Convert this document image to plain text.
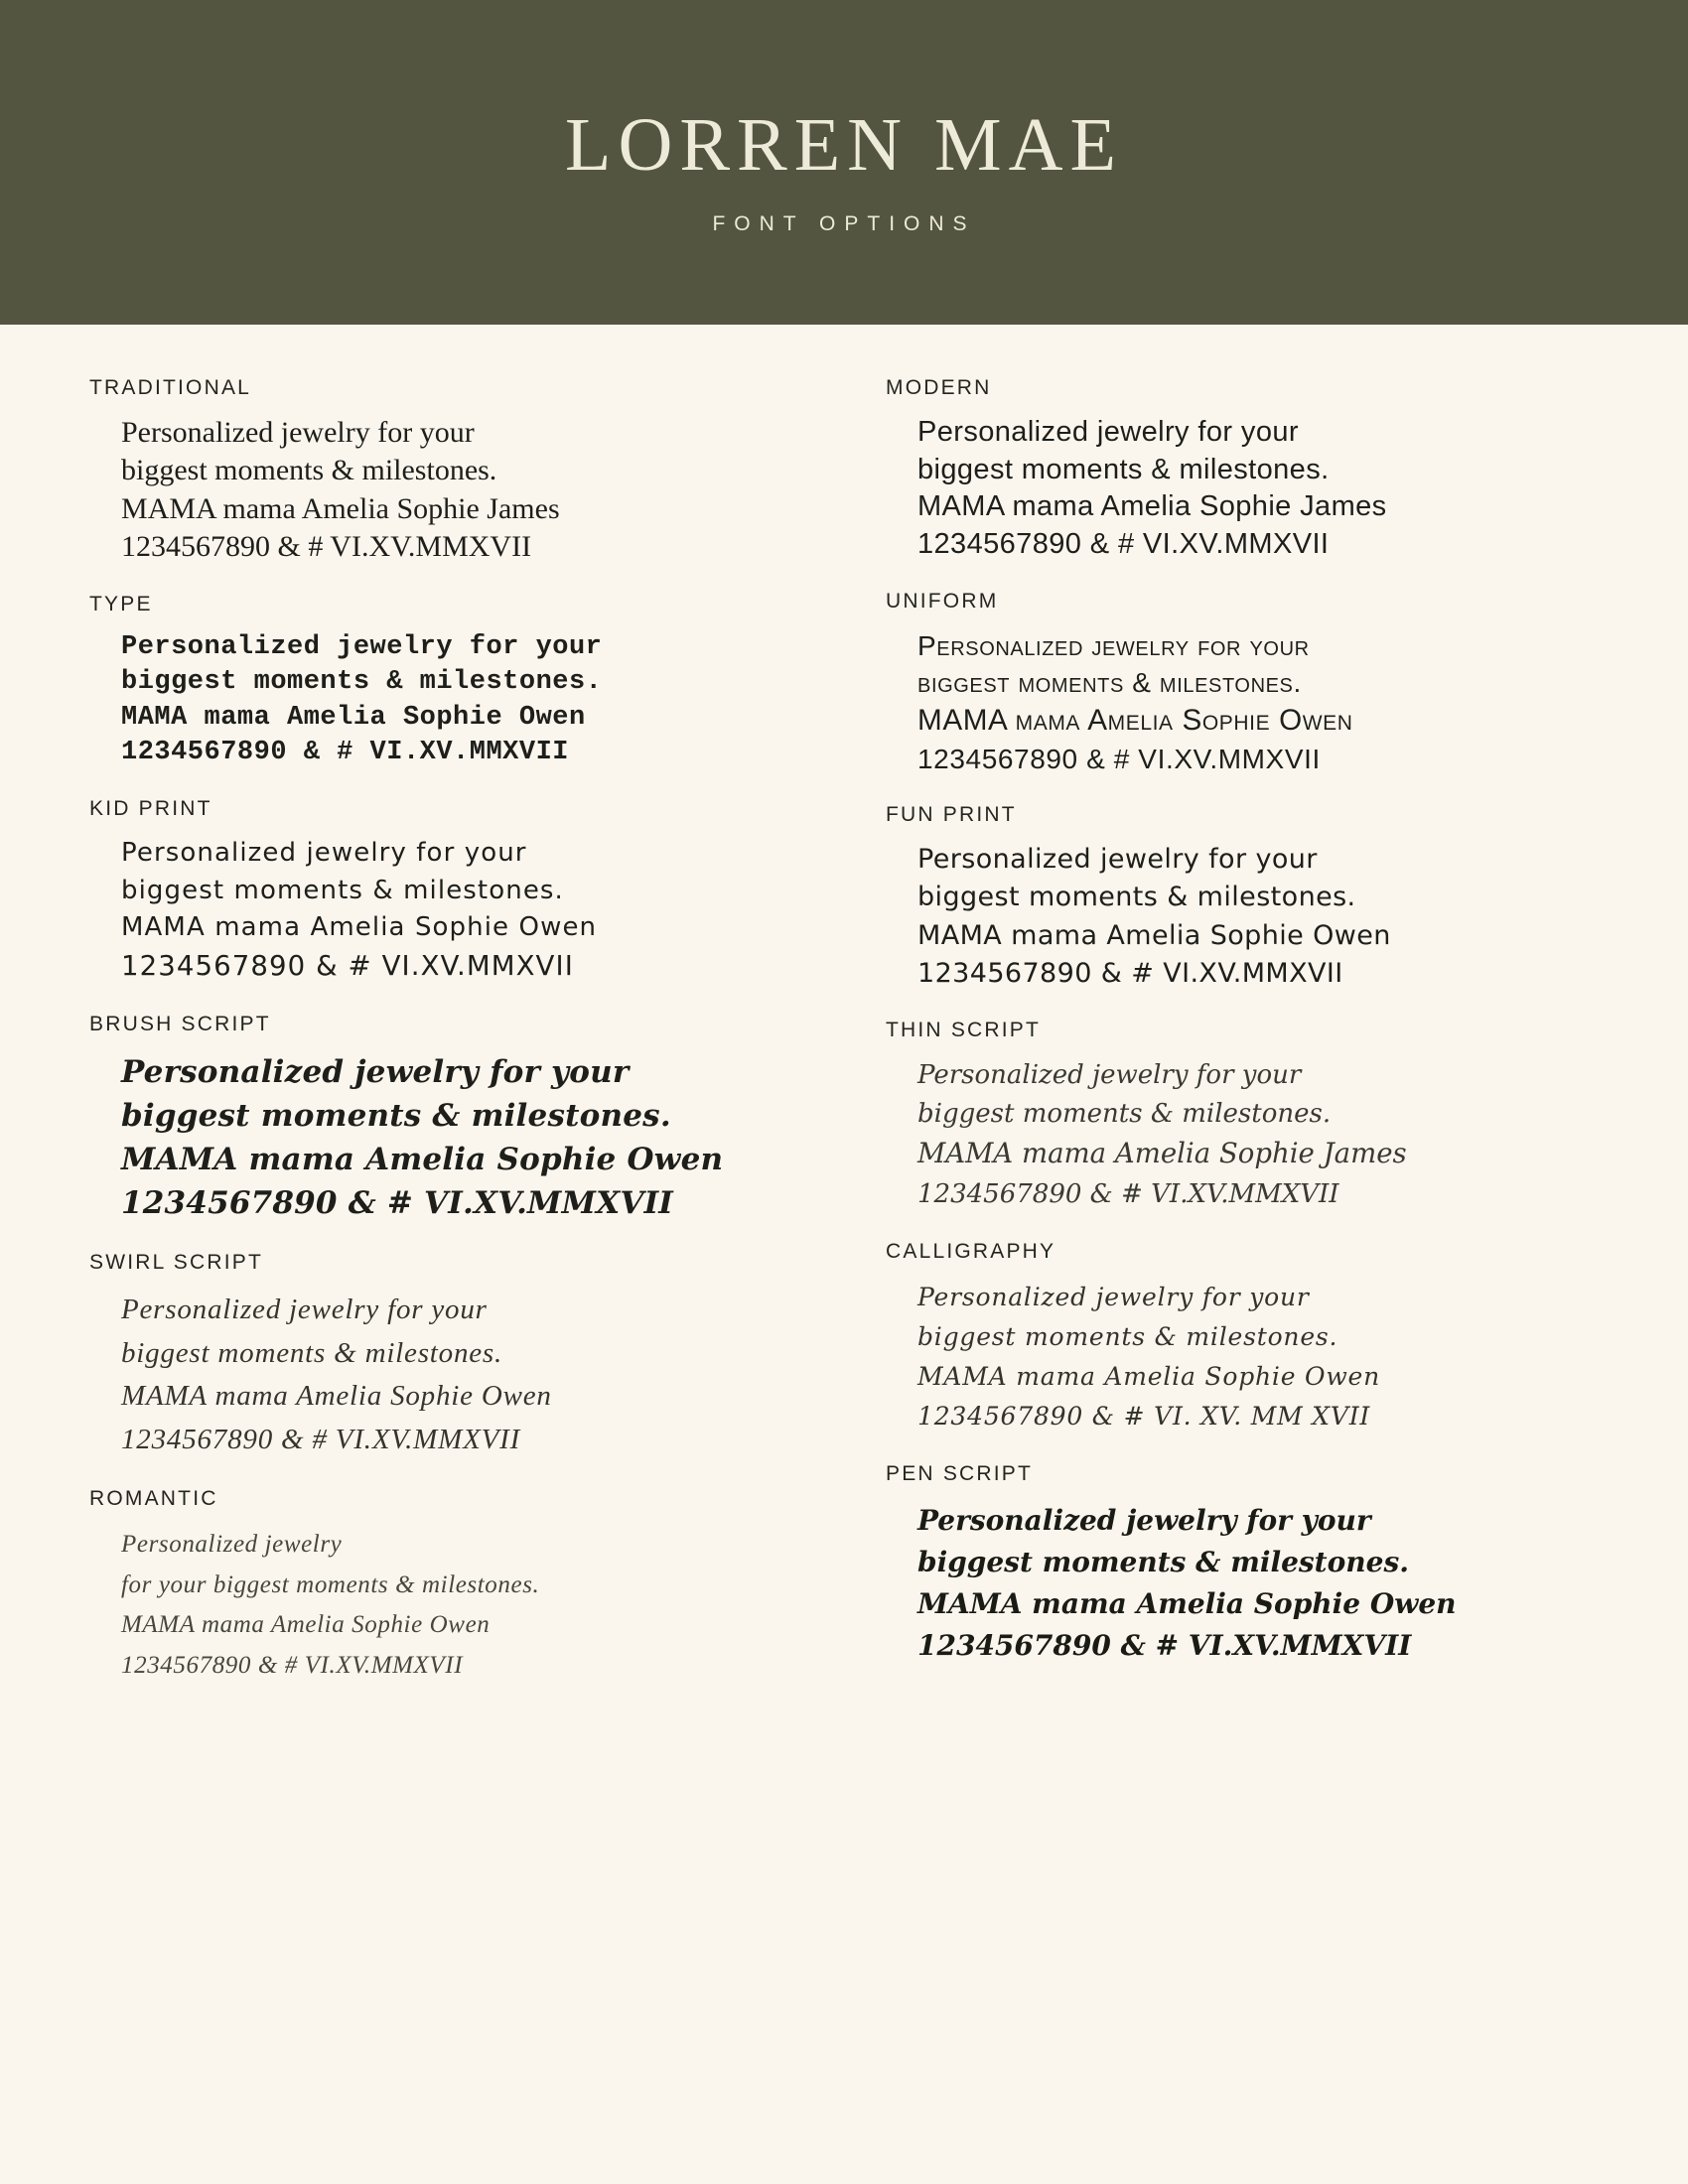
LORREN MAE
FONT OPTIONS
TRADITIONAL
Personalized jewelry for your
biggest moments & milestones.
MAMA mama Amelia Sophie James
1234567890 & # VI.XV.MMXVII
TYPE
Personalized jewelry for your
biggest moments & milestones.
MAMA mama Amelia Sophie Owen
1234567890 & # VI.XV.MMXVII
KID PRINT
Personalized jewelry for your
biggest moments & milestones.
MAMA mama Amelia Sophie Owen
1234567890 & # VI.XV.MMXVII
BRUSH SCRIPT
Personalized jewelry for your
biggest moments & milestones.
MAMA mama Amelia Sophie Owen
1234567890 & # VI.XV.MMXVII
SWIRL SCRIPT
Personalized jewelry for your
biggest moments & milestones.
MAMA mama Amelia Sophie Owen
1234567890 & # VI.XV.MMXVII
ROMANTIC
Personalized jewelry
for your biggest moments & milestones.
MAMA mama Amelia Sophie Owen
1234567890 & # VI.XV.MMXVII
MODERN
Personalized jewelry for your
biggest moments & milestones.
MAMA mama Amelia Sophie James
1234567890 & # VI.XV.MMXVII
UNIFORM
Personalized jewelry for your
biggest moments & milestones.
MAMA mama Amelia Sophie Owen
1234567890 & # VI.XV.MMXVII
FUN PRINT
Personalized jewelry for your
biggest moments & milestones.
MAMA mama Amelia Sophie Owen
1234567890 & # VI.XV.MMXVII
THIN SCRIPT
Personalized jewelry for your
biggest moments & milestones.
MAMA mama Amelia Sophie James
1234567890 & # VI.XV.MMXVII
CALLIGRAPHY
Personalized jewelry for your
biggest moments & milestones.
MAMA mama Amelia Sophie Owen
1234567890 & # VI. XV. MM XVII
PEN SCRIPT
Personalized jewelry for your
biggest moments & milestones.
MAMA mama Amelia Sophie Owen
1234567890 & # VI.XV.MMXVII
